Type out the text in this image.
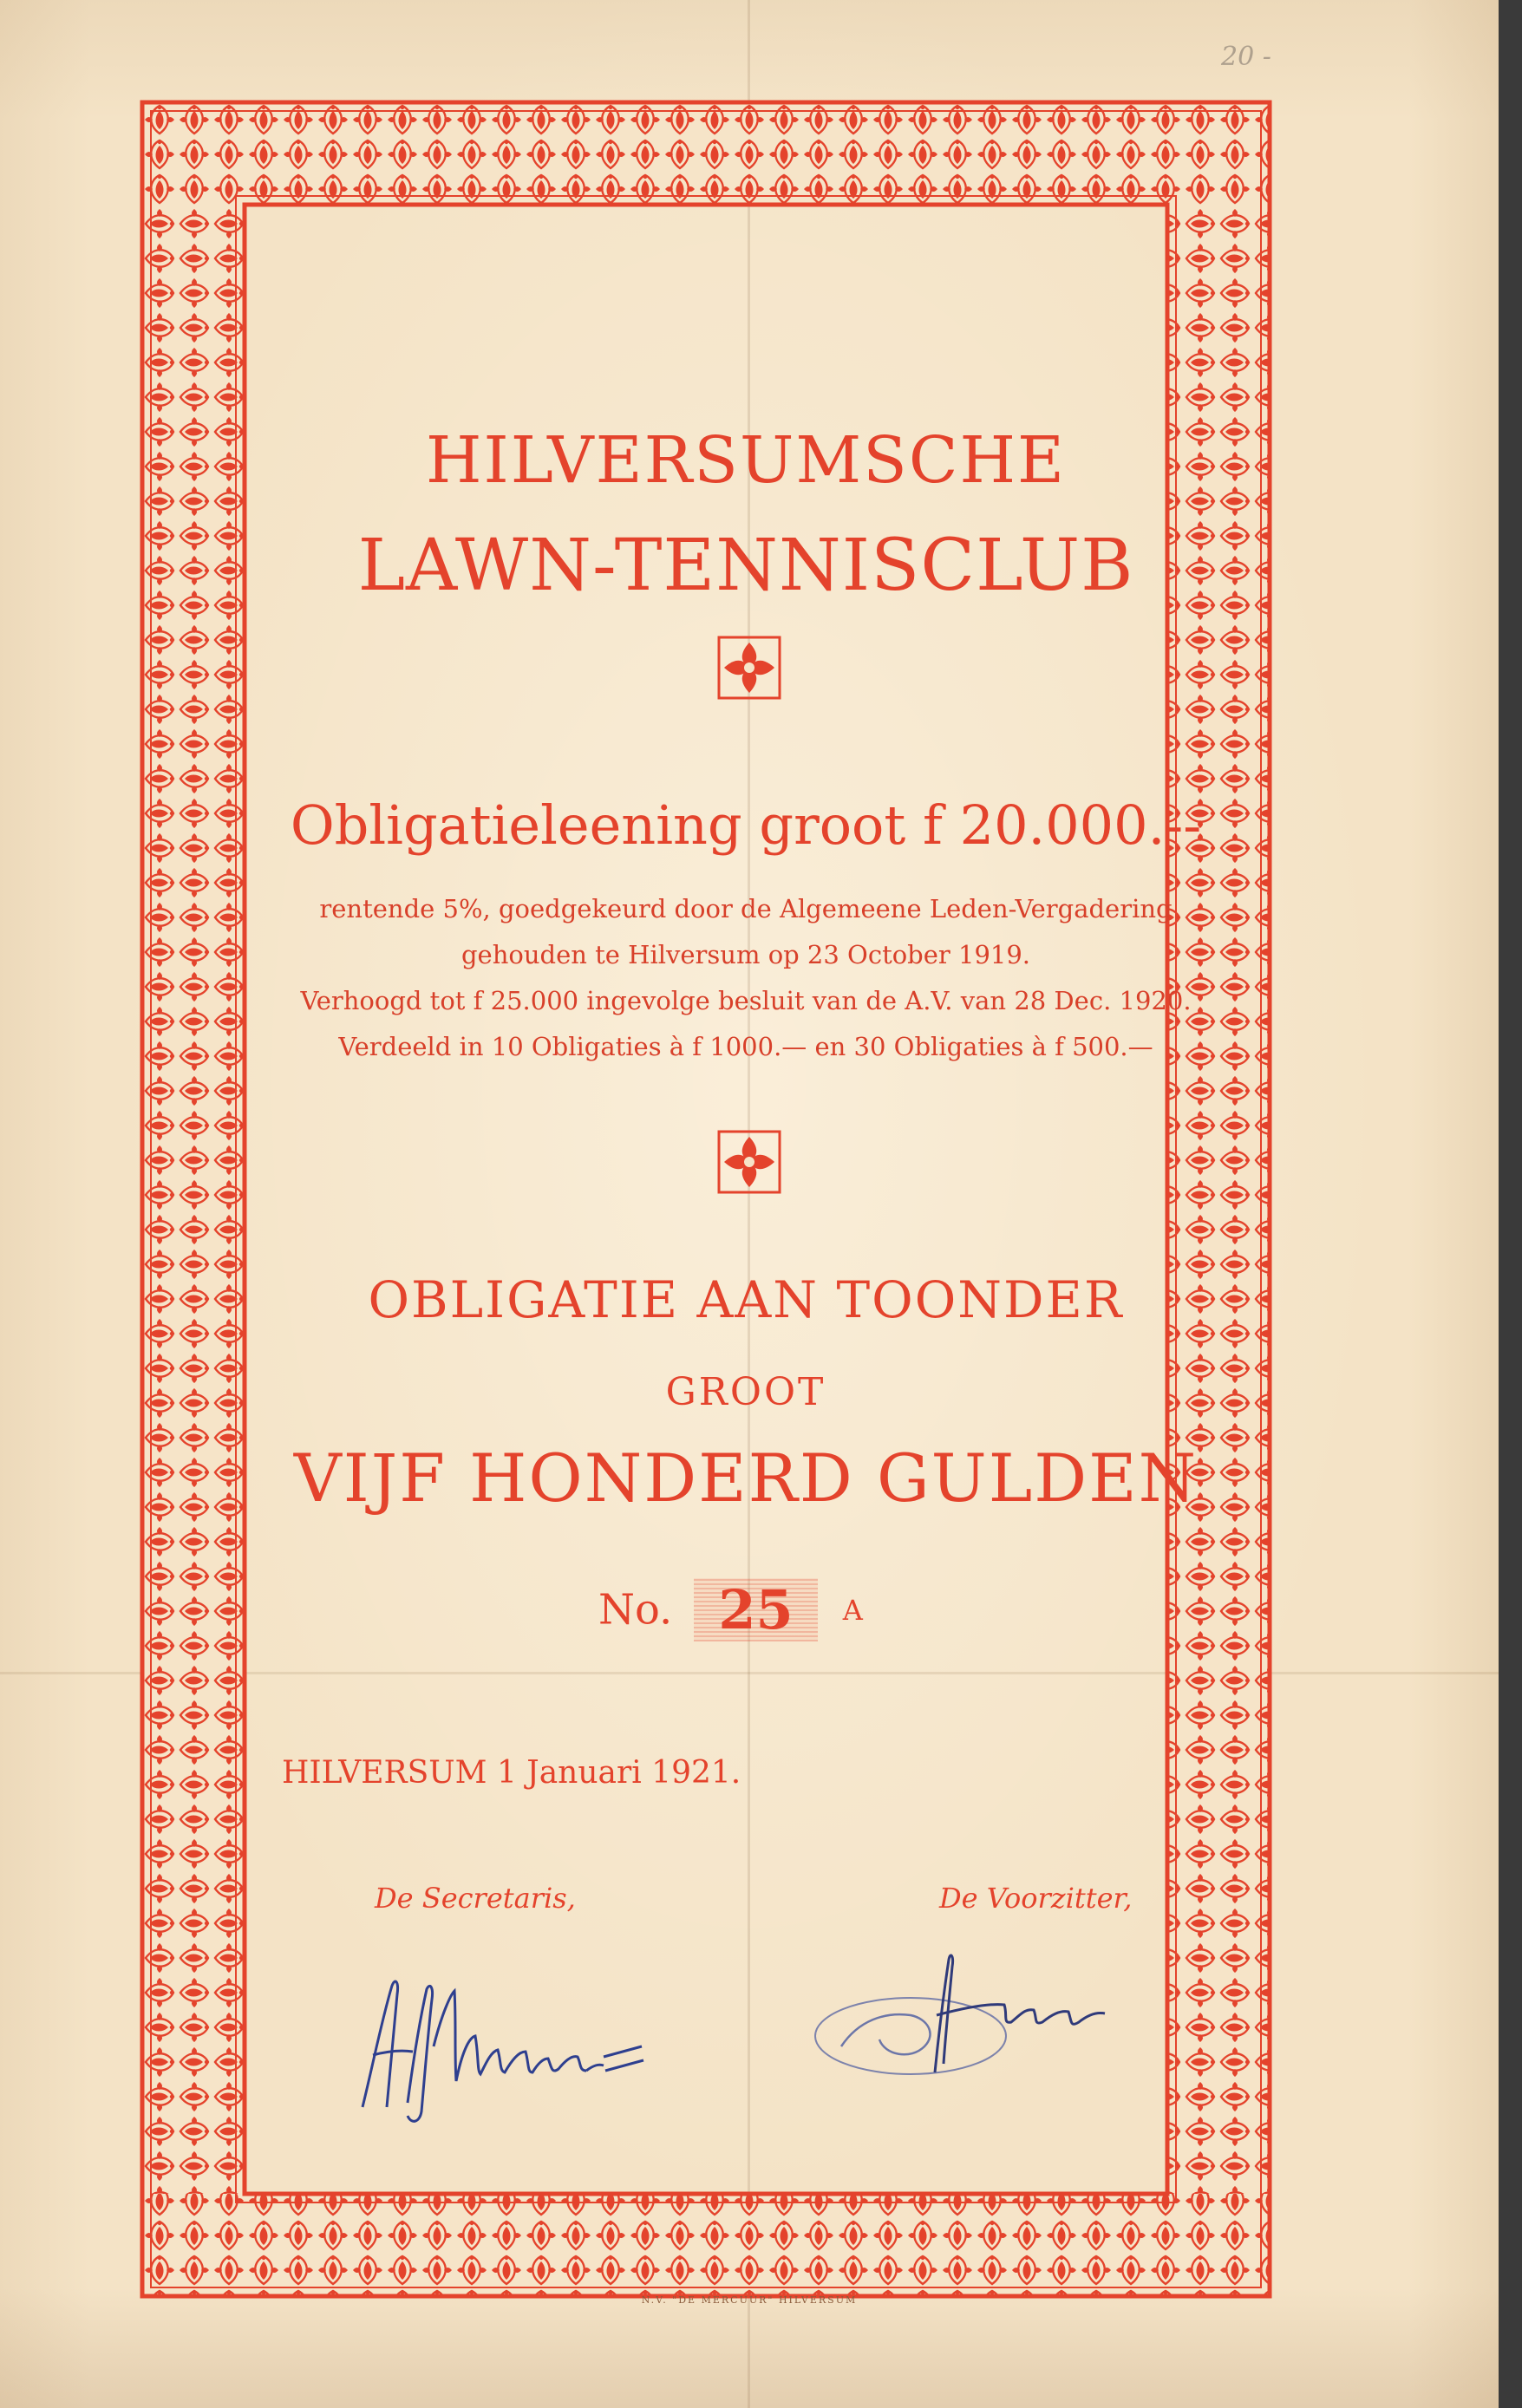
20 -
HILVERSUMSCHE
LAWN-TENNISCLUB
Obligatieleening groot f 20.000.--
rentende 5%, goedgekeurd door de Algemeene Leden-Vergadering
gehouden te Hilversum op 23 October 1919.
Verhoogd tot f 25.000 ingevolge besluit van de A.V. van 28 Dec. 1920.
Verdeeld in 10 Obligaties à f 1000.— en 30 Obligaties à f 500.—
OBLIGATIE AAN TOONDER
GROOT
VIJF HONDERD GULDEN
No. 25 A
HILVERSUM 1 Januari 1921.
De Secretaris,	De Voorzitter,
N.V. "DE MERCUUR" HILVERSUM
